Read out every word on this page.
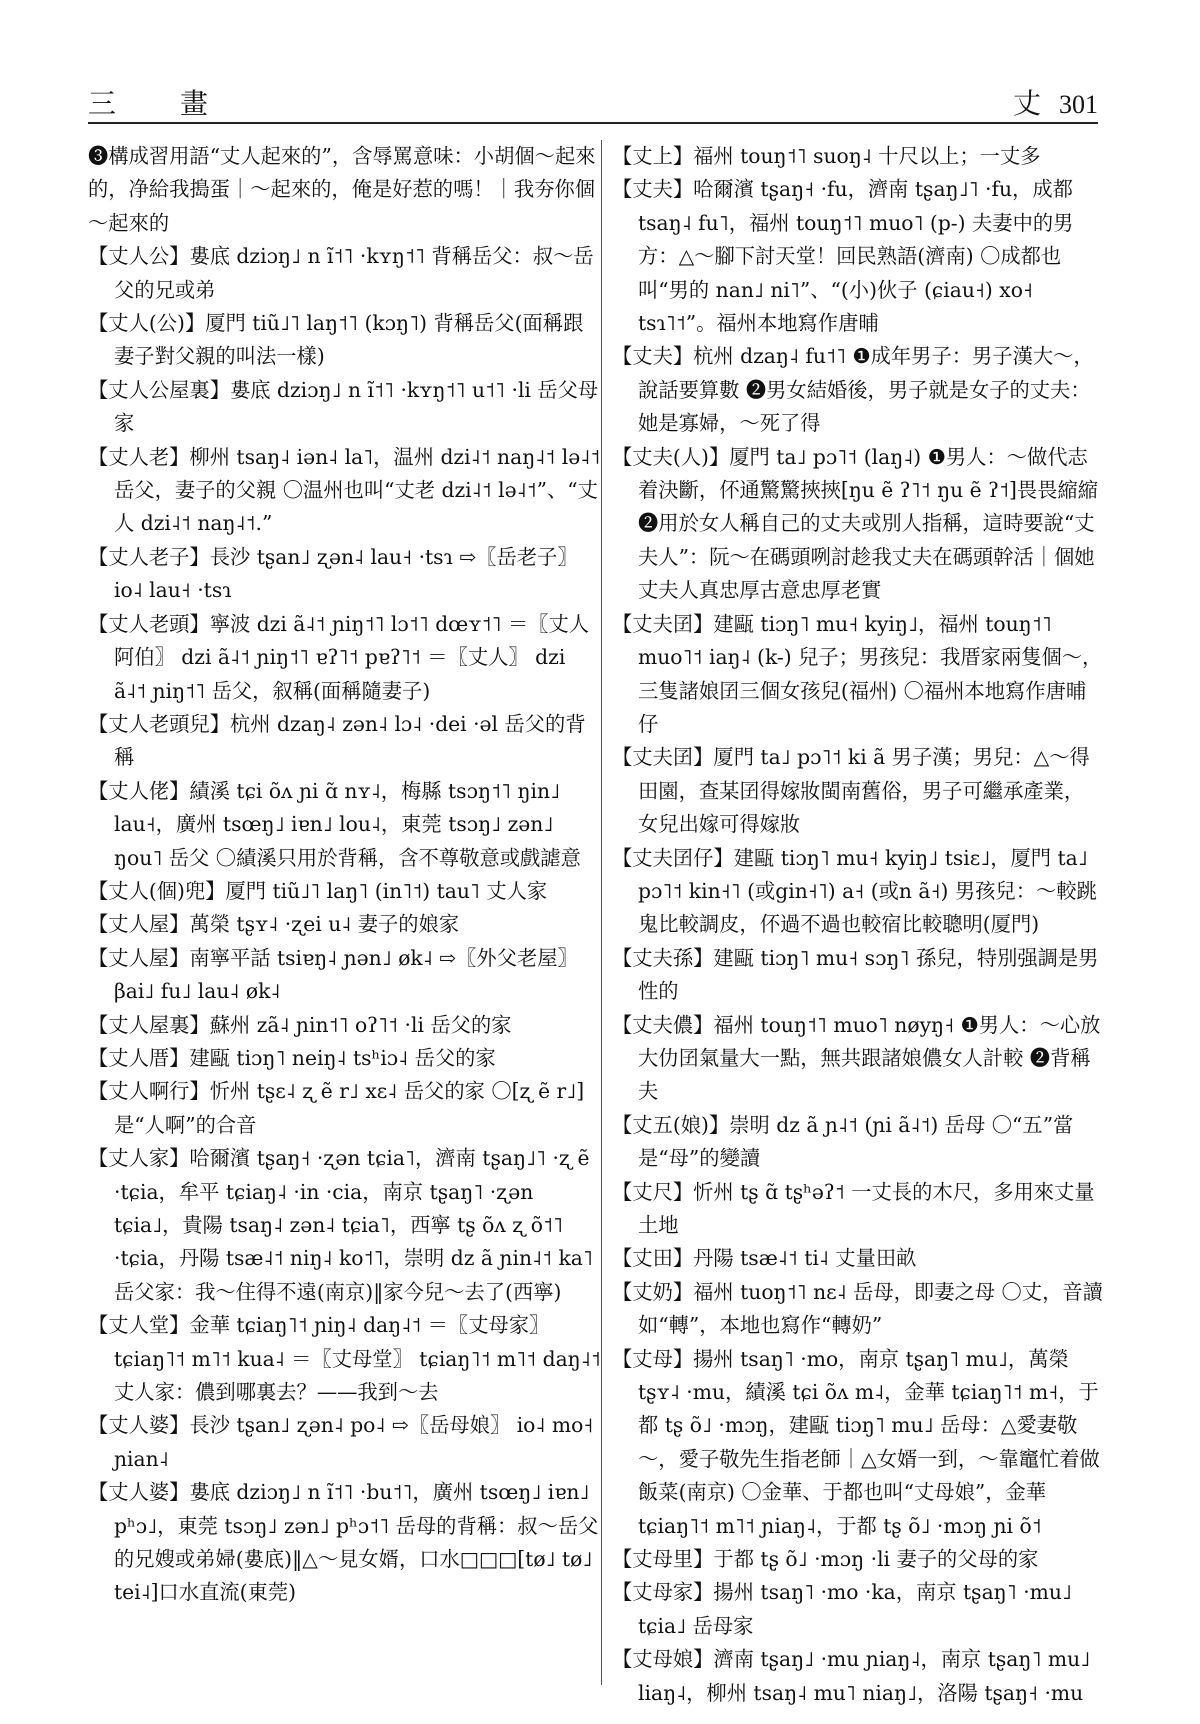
三　畫	丈 301

❸構成習用語“丈人起來的”，含辱罵意味：小胡個～起來的，净給我搗蛋｜～起來的，俺是好惹的嗎！｜我夯你個～起來的

【丈人公】婁底 dziɔŋ˩ n ĩ˦˥ ·kʏŋ˦˥ 背稱岳父：叔～岳父的兄或弟

【丈人(公)】厦門 tiũ˩˥ laŋ˦˥ (kɔŋ˥) 背稱岳父(面稱跟妻子對父親的叫法一樣)

【丈人公屋裏】婁底 dziɔŋ˩ n ĩ˦˥ ·kʏŋ˦˥ u˦˥ ·li 岳父母家

【丈人老】柳州 tsaŋ˨ iən˨ la˥，温州 dzi˨˦ naŋ˨˦ lə˨˦ 岳父，妻子的父親 〇温州也叫“丈老 dzi˨˦ lə˨˦”、“丈人 dzi˨˦ naŋ˨˦.”

【丈人老子】長沙 tʂan˩ ʐən˨ lau˧ ·tsɿ ⇨〖岳老子〗 io˨ lau˧ ·tsɿ

【丈人老頭】寧波 dzi ã˨˦ ɲiŋ˦˥ lɔ˦˥ dœʏ˦˥ ＝〖丈人阿伯〗 dzi ã˨˦ ɲiŋ˦˥ ɐʔ˥˦ pɐʔ˥˦ ＝〖丈人〗 dzi ã˨˦ ɲiŋ˦˥ 岳父，叙稱(面稱隨妻子)

【丈人老頭兒】杭州 dzaŋ˨ zən˨ lɔ˨ ·dei ·əl 岳父的背稱

【丈人佬】績溪 tɕi õʌ ɲi ɑ̃ nʏ˨，梅縣 tsɔŋ˦˥ ŋin˩ lau˧，廣州 tsœŋ˩ iɐn˩ lou˨，東莞 tsɔŋ˩ zən˩ ŋou˥ 岳父 〇績溪只用於背稱，含不尊敬意或戲謔意

【丈人(個)兜】厦門 tiũ˩˥ laŋ˥ (in˥˦) tau˥ 丈人家

【丈人屋】萬榮 tʂʏ˨ ·ʐei u˨ 妻子的娘家

【丈人屋】南寧平話 tsiɐŋ˨ ɲən˩ øk˨ ⇨〖外父老屋〗 βai˩ fu˩ lau˨ øk˨

【丈人屋裏】蘇州 zã˨ ɲin˦˥ oʔ˥˦ ·li 岳父的家

【丈人厝】建甌 tiɔŋ˥ neiŋ˨ tsʰiɔ˨ 岳父的家

【丈人啊行】忻州 tʂɛ˨ ʐ ẽ r˩ xɛ˨ 岳父的家 〇[ʐ ẽ r˩]是“人啊”的合音

【丈人家】哈爾濱 tʂaŋ˧ ·ʐən tɕia˥，濟南 tʂaŋ˩˥ ·ʐ ẽ ·tɕia，牟平 tɕiaŋ˨ ·in ·cia，南京 tʂaŋ˥ ·ʐən tɕia˩，貴陽 tsaŋ˨ zən˨ tɕia˥，西寧 tʂ õʌ ʐ õ˦˥ ·tɕia，丹陽 tsæ˨˦ niŋ˨ ko˦˥，崇明 dz ã ɲin˨˦ ka˥ 岳父家：我～住得不遠(南京)‖家今兒～去了(西寧)

【丈人堂】金華 tɕiaŋ˥˦ ɲiŋ˨ daŋ˨˦ ＝〖丈母家〗 tɕiaŋ˥˦ m˥˦ kua˨ ＝〖丈母堂〗 tɕiaŋ˥˦ m˥˦ daŋ˨˦ 丈人家：儂到哪裏去？——我到～去

【丈人婆】長沙 tʂan˩ ʐən˨ po˨ ⇨〖岳母娘〗 io˨ mo˧ ɲian˨

【丈人婆】婁底 dziɔŋ˩ n ĩ˦˥ ·bu˦˥，廣州 tsœŋ˩ iɐn˩ pʰɔ˩，東莞 tsɔŋ˩ zən˩ pʰɔ˦˥ 岳母的背稱：叔～岳父的兄嫂或弟婦(婁底)‖△～見女婿，口水□□□[tø˩ tø˩ tei˨]口水直流(東莞)

【丈上】福州 touŋ˦˥ suoŋ˨ 十尺以上；一丈多

【丈夫】哈爾濱 tʂaŋ˧ ·fu，濟南 tʂaŋ˩˥ ·fu，成都 tsaŋ˨ fu˥，福州 touŋ˦˥ muo˥ (p-) 夫妻中的男方：△～腳下討天堂！回民熟語(濟南) 〇成都也叫“男的 nan˩ ni˥”、“(小)伙子 (ɕiau˧) xo˧ tsɿ˥˦”。福州本地寫作唐晡

【丈夫】杭州 dzaŋ˨ fu˦˥ ❶成年男子：男子漢大～，說話要算數 ❷男女結婚後，男子就是女子的丈夫：她是寡婦，～死了得

【丈夫(人)】厦門 ta˩ pɔ˥˦ (laŋ˨) ❶男人：～做代志着決斷，伓通驚驚挾挾[ŋu ẽ ʔ˥˦ ŋu ẽ ʔ˦]畏畏縮縮 ❷用於女人稱自己的丈夫或別人指稱，這時要說“丈夫人”：阮～在碼頭咧討趁我丈夫在碼頭幹活｜個她丈夫人真忠厚古意忠厚老實

【丈夫囝】建甌 tiɔŋ˥ mu˧ kyiŋ˩，福州 touŋ˦˥ muo˥˦ iaŋ˨ (k-) 兒子；男孩兒：我厝家兩隻個～，三隻諸娘囝三個女孩兒(福州) 〇福州本地寫作唐晡仔

【丈夫囝】厦門 ta˩ pɔ˥˦ ki ã 男子漢；男兒：△～得田園，查某囝得嫁妝閩南舊俗，男子可繼承產業，女兒出嫁可得嫁妝

【丈夫囝仔】建甌 tiɔŋ˥ mu˧ kyiŋ˩ tsiɛ˩，厦門 ta˩ pɔ˥˦ kin˧˥ (或gin˧˥) a˧ (或n ã˧) 男孩兒：～較跳鬼比較調皮，伓過不過也較宿比較聰明(厦門)

【丈夫孫】建甌 tiɔŋ˥ mu˧ sɔŋ˥ 孫兒，特別强調是男性的

【丈夫儂】福州 touŋ˦˥ muo˥ nøyŋ˧ ❶男人：～心放大仂囝氣量大一點，無共跟諸娘儂女人計較 ❷背稱夫

【丈五(娘)】崇明 dz ã ɲ˨˦ (ɲi ã˨˦) 岳母 〇“五”當是“母”的變讀

【丈尺】忻州 tʂ ɑ̃ tʂʰəʔ˦ 一丈長的木尺，多用來丈量土地

【丈田】丹陽 tsæ˨˦ ti˨ 丈量田畝

【丈奶】福州 tuoŋ˦˥ nɛ˨ 岳母，即妻之母 〇丈，音讀如“轉”，本地也寫作“轉奶”

【丈母】揚州 tsaŋ˥ ·mo，南京 tʂaŋ˥ mu˩，萬榮 tʂʏ˨ ·mu，績溪 tɕi õʌ m˨，金華 tɕiaŋ˥˦ m˧，于都 tʂ õ˩ ·mɔŋ，建甌 tiɔŋ˥ mu˩ 岳母：△愛妻敬～，愛子敬先生指老師｜△女婿一到，～靠竈忙着做飯菜(南京) 〇金華、于都也叫“丈母娘”，金華 tɕiaŋ˥˦ m˥˦ ɲiaŋ˨，于都 tʂ õ˩ ·mɔŋ ɲi õ˦

【丈母里】于都 tʂ õ˩ ·mɔŋ ·li 妻子的父母的家

【丈母家】揚州 tsaŋ˥ ·mo ·ka，南京 tʂaŋ˥ ·mu˩ tɕia˩ 岳母家

【丈母娘】濟南 tʂaŋ˩ ·mu ɲiaŋ˨，南京 tʂaŋ˥ mu˩ liaŋ˨，柳州 tsaŋ˨ mu˥ niaŋ˩，洛陽 tʂaŋ˧ ·mu
